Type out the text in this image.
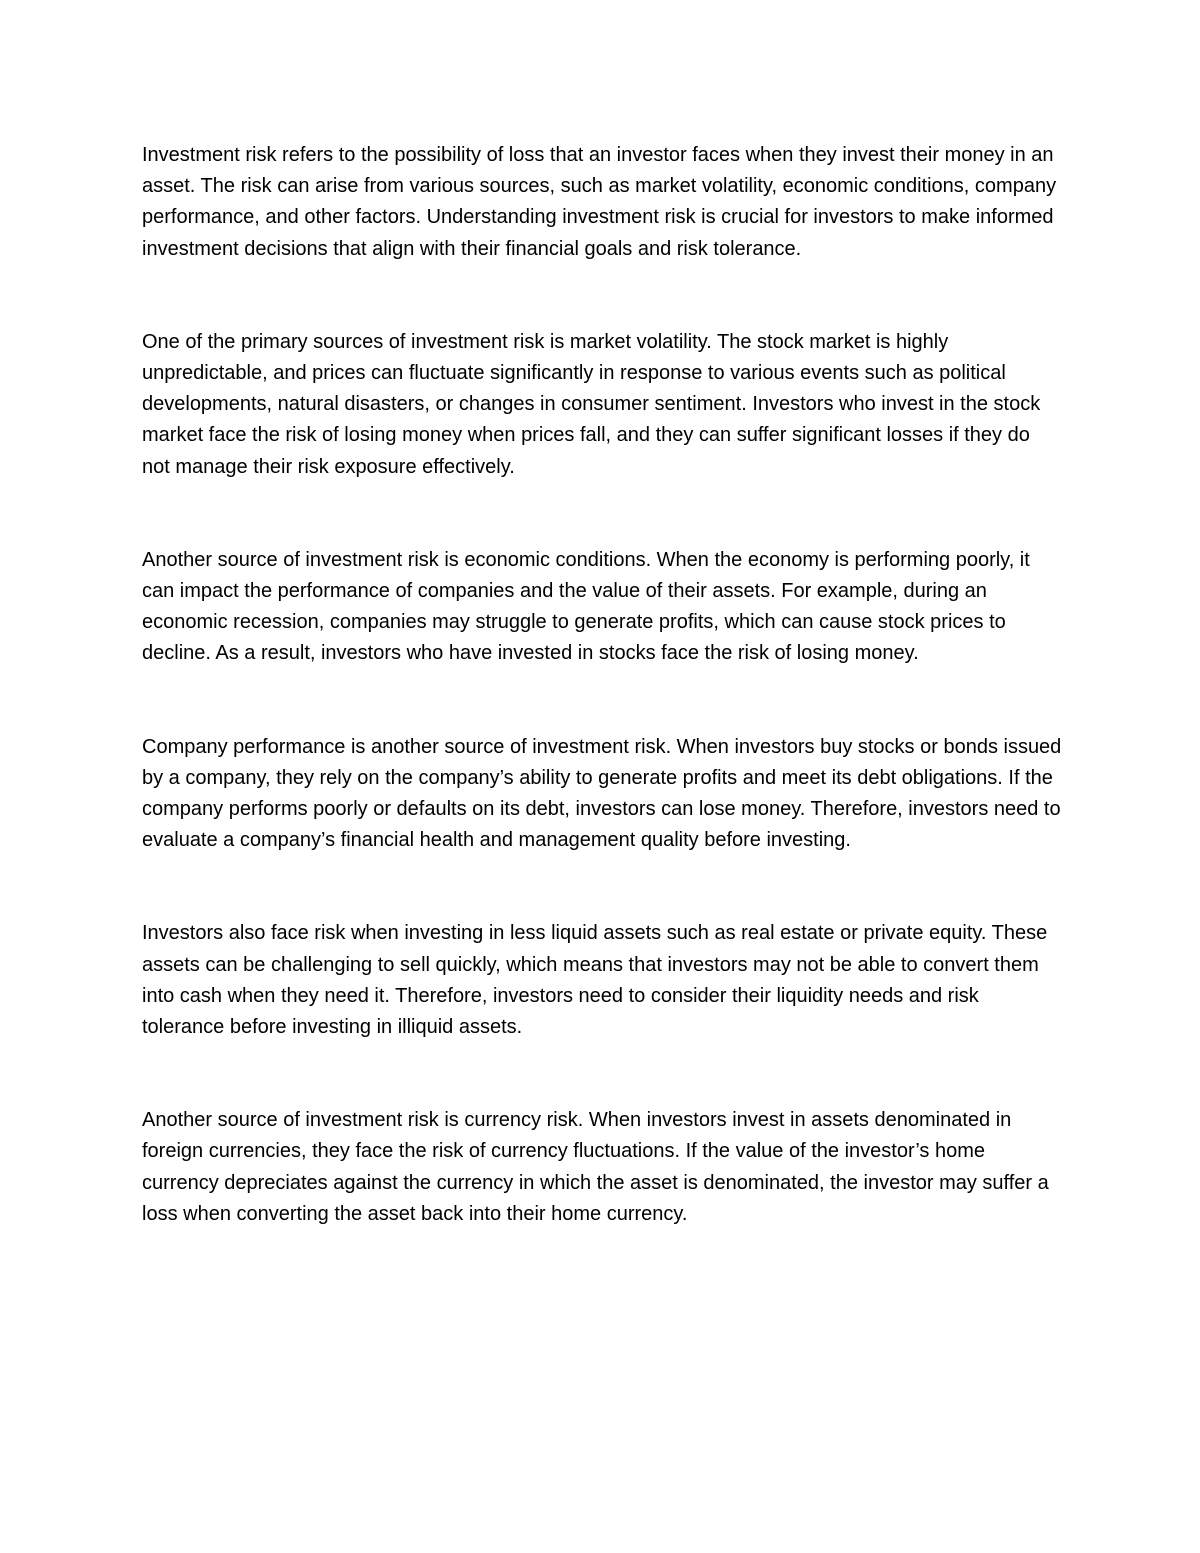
Investment risk refers to the possibility of loss that an investor faces when they invest their money in an asset. The risk can arise from various sources, such as market volatility, economic conditions, company performance, and other factors. Understanding investment risk is crucial for investors to make informed investment decisions that align with their financial goals and risk tolerance.

One of the primary sources of investment risk is market volatility. The stock market is highly unpredictable, and prices can fluctuate significantly in response to various events such as political developments, natural disasters, or changes in consumer sentiment. Investors who invest in the stock market face the risk of losing money when prices fall, and they can suffer significant losses if they do not manage their risk exposure effectively.

Another source of investment risk is economic conditions. When the economy is performing poorly, it can impact the performance of companies and the value of their assets. For example, during an economic recession, companies may struggle to generate profits, which can cause stock prices to decline. As a result, investors who have invested in stocks face the risk of losing money.

Company performance is another source of investment risk. When investors buy stocks or bonds issued by a company, they rely on the company’s ability to generate profits and meet its debt obligations. If the company performs poorly or defaults on its debt, investors can lose money. Therefore, investors need to evaluate a company’s financial health and management quality before investing.

Investors also face risk when investing in less liquid assets such as real estate or private equity. These assets can be challenging to sell quickly, which means that investors may not be able to convert them into cash when they need it. Therefore, investors need to consider their liquidity needs and risk tolerance before investing in illiquid assets.

Another source of investment risk is currency risk. When investors invest in assets denominated in foreign currencies, they face the risk of currency fluctuations. If the value of the investor’s home currency depreciates against the currency in which the asset is denominated, the investor may suffer a loss when converting the asset back into their home currency.
